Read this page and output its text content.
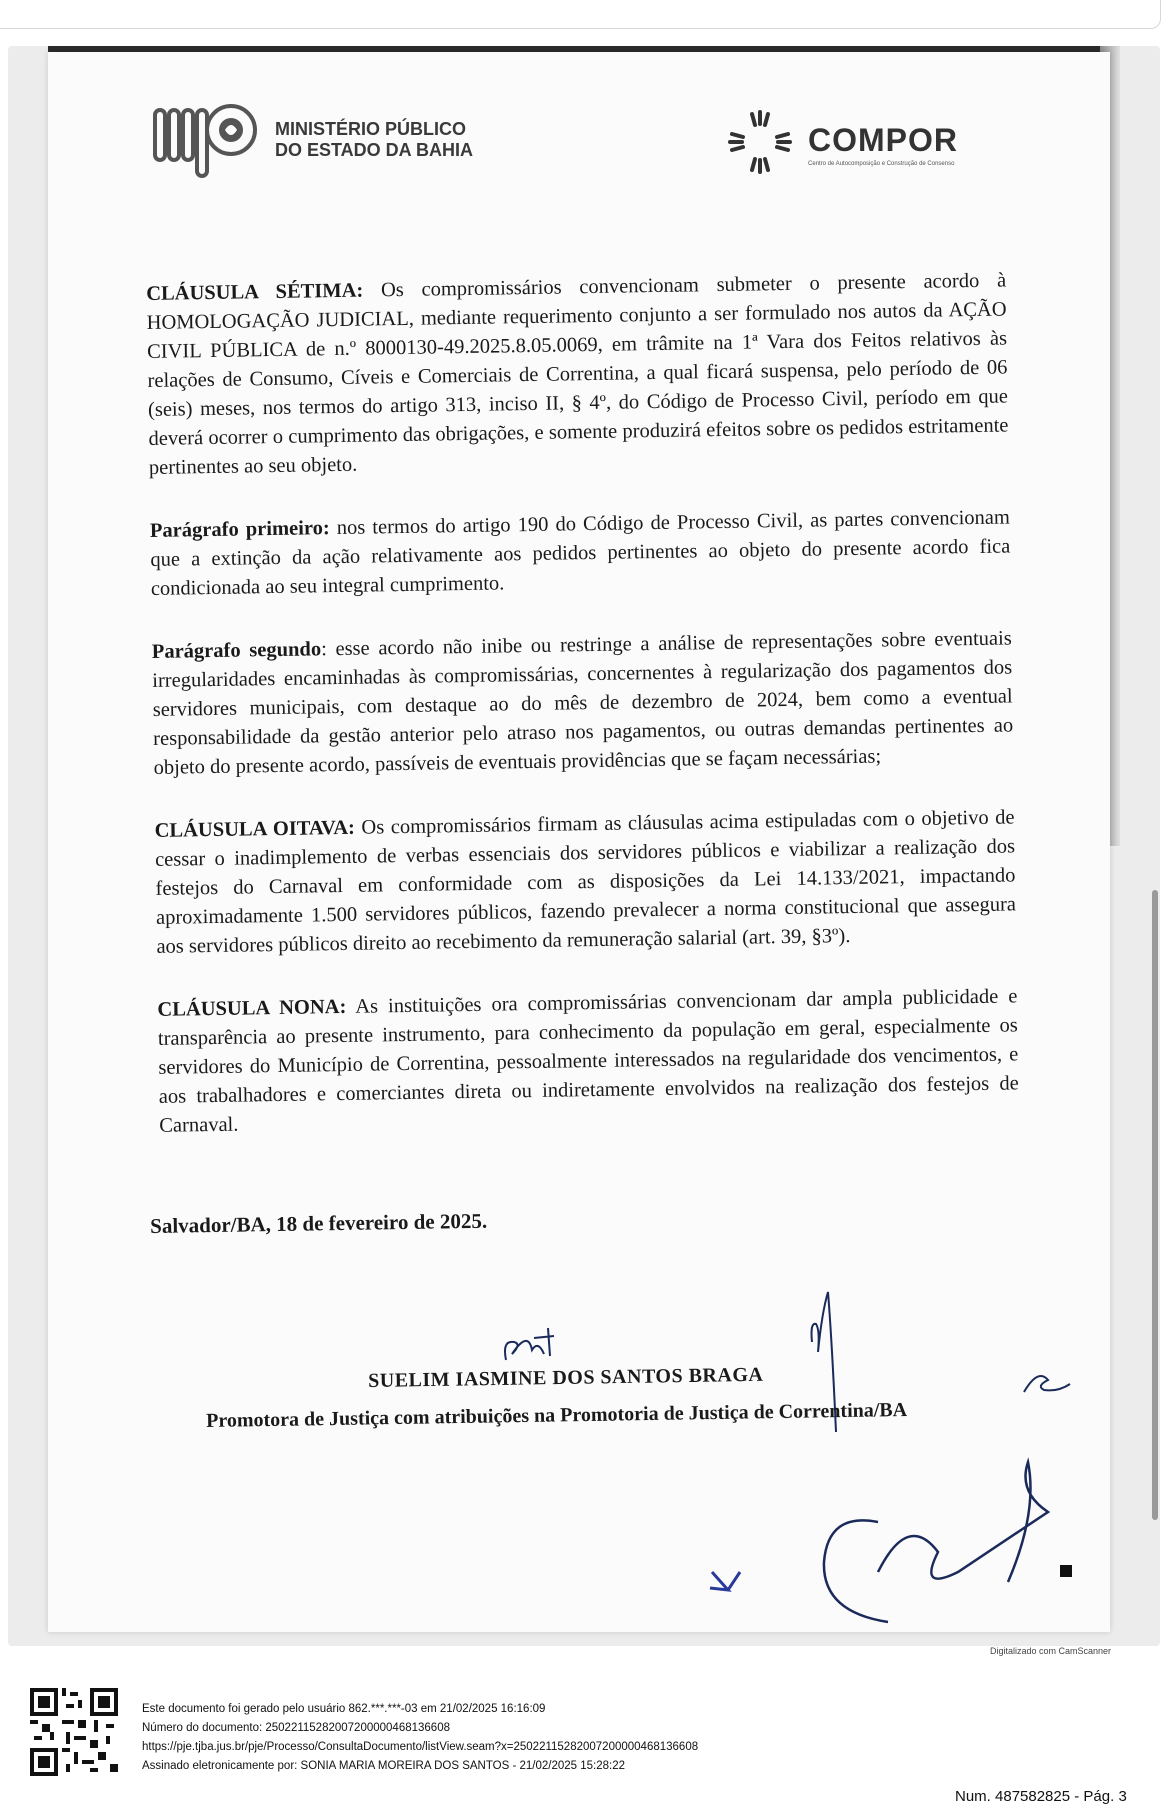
MINISTÉRIO PÚBLICO
DO ESTADO DA BAHIA	COMPOR
Centro de Autocomposição e Construção de Consenso

CLÁUSULA SÉTIMA: Os compromissários convencionam submeter o presente acordo à HOMOLOGAÇÃO JUDICIAL, mediante requerimento conjunto a ser formulado nos autos da AÇÃO CIVIL PÚBLICA de n.º 8000130-49.2025.8.05.0069, em trâmite na 1ª Vara dos Feitos relativos às relações de Consumo, Cíveis e Comerciais de Correntina, a qual ficará suspensa, pelo período de 06 (seis) meses, nos termos do artigo 313, inciso II, § 4º, do Código de Processo Civil, período em que deverá ocorrer o cumprimento das obrigações, e somente produzirá efeitos sobre os pedidos estritamente pertinentes ao seu objeto.

Parágrafo primeiro: nos termos do artigo 190 do Código de Processo Civil, as partes convencionam que a extinção da ação relativamente aos pedidos pertinentes ao objeto do presente acordo fica condicionada ao seu integral cumprimento.

Parágrafo segundo: esse acordo não inibe ou restringe a análise de representações sobre eventuais irregularidades encaminhadas às compromissárias, concernentes à regularização dos pagamentos dos servidores municipais, com destaque ao do mês de dezembro de 2024, bem como a eventual responsabilidade da gestão anterior pelo atraso nos pagamentos, ou outras demandas pertinentes ao objeto do presente acordo, passíveis de eventuais providências que se façam necessárias;

CLÁUSULA OITAVA: Os compromissários firmam as cláusulas acima estipuladas com o objetivo de cessar o inadimplemento de verbas essenciais dos servidores públicos e viabilizar a realização dos festejos do Carnaval em conformidade com as disposições da Lei 14.133/2021, impactando aproximadamente 1.500 servidores públicos, fazendo prevalecer a norma constitucional que assegura aos servidores públicos direito ao recebimento da remuneração salarial (art. 39, §3º).

CLÁUSULA NONA: As instituições ora compromissárias convencionam dar ampla publicidade e transparência ao presente instrumento, para conhecimento da população em geral, especialmente os servidores do Município de Correntina, pessoalmente interessados na regularidade dos vencimentos, e aos trabalhadores e comerciantes direta ou indiretamente envolvidos na realização dos festejos de Carnaval.

Salvador/BA, 18 de fevereiro de 2025.
SUELIM IASMINE DOS SANTOS BRAGA
Promotora de Justiça com atribuições na Promotoria de Justiça de Correntina/BA
Digitalizado com CamScanner
Este documento foi gerado pelo usuário 862.***.***-03 em 21/02/2025 16:16:09
Número do documento: 25022115282007200000468136608
https://pje.tjba.jus.br/pje/Processo/ConsultaDocumento/listView.seam?x=25022115282007200000468136608
Assinado eletronicamente por: SONIA MARIA MOREIRA DOS SANTOS - 21/02/2025 15:28:22
Num. 487582825 - Pág. 3
